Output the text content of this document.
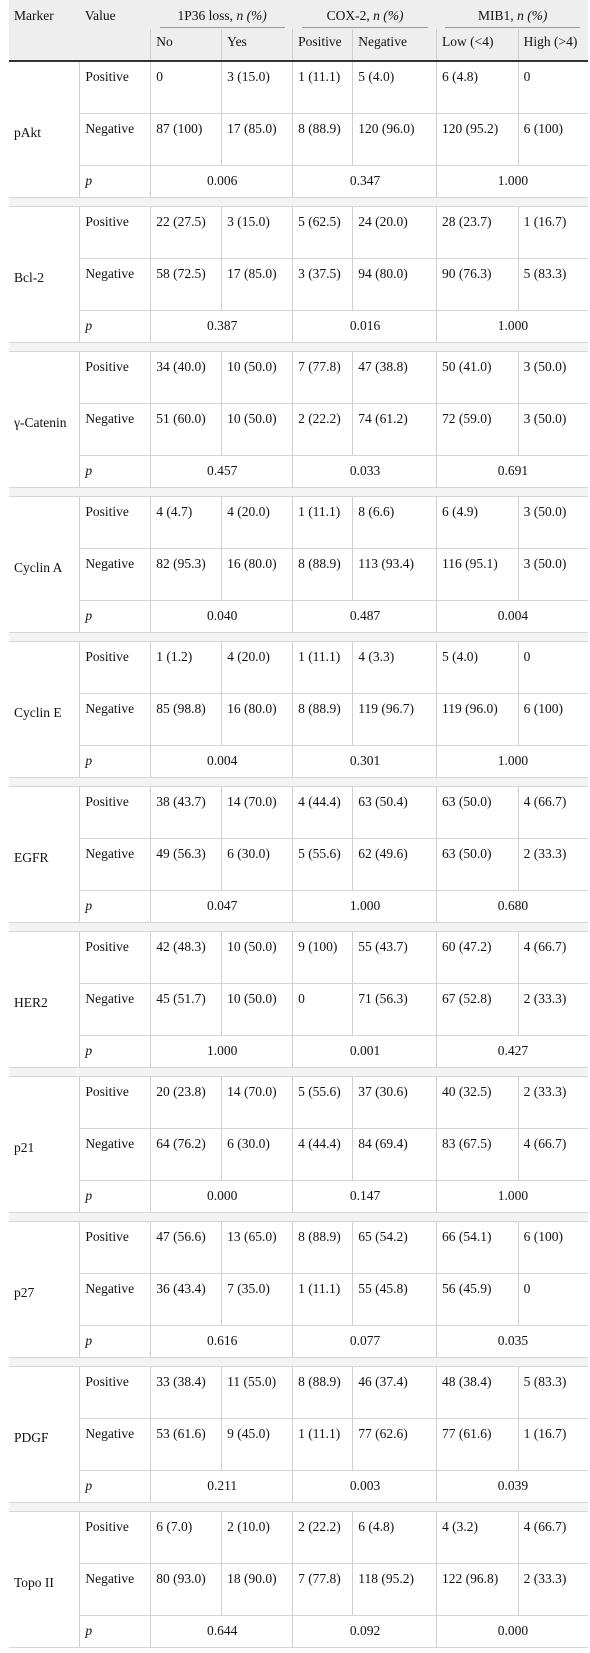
Marker	Value	1P36 loss, n (%)		COX-2, n (%)		MIB1, n (%)	

		No	Yes	Positive	Negative	Low (<4)	High (>4)
pAkt	Positive	0	3 (15.0)	1 (11.1)	5 (4.0)	6 (4.8)	0
	Negative	87 (100)	17 (85.0)	8 (88.9)	120 (96.0)	120 (95.2)	6 (100)
	p	0.006		0.347		1.000	

Bcl-2	Positive	22 (27.5)	3 (15.0)	5 (62.5)	24 (20.0)	28 (23.7)	1 (16.7)
	Negative	58 (72.5)	17 (85.0)	3 (37.5)	94 (80.0)	90 (76.3)	5 (83.3)
	p	0.387		0.016		1.000	

γ-Catenin	Positive	34 (40.0)	10 (50.0)	7 (77.8)	47 (38.8)	50 (41.0)	3 (50.0)
	Negative	51 (60.0)	10 (50.0)	2 (22.2)	74 (61.2)	72 (59.0)	3 (50.0)
	p	0.457		0.033		0.691	

Cyclin A	Positive	4 (4.7)	4 (20.0)	1 (11.1)	8 (6.6)	6 (4.9)	3 (50.0)
	Negative	82 (95.3)	16 (80.0)	8 (88.9)	113 (93.4)	116 (95.1)	3 (50.0)
	p	0.040		0.487		0.004	

Cyclin E	Positive	1 (1.2)	4 (20.0)	1 (11.1)	4 (3.3)	5 (4.0)	0
	Negative	85 (98.8)	16 (80.0)	8 (88.9)	119 (96.7)	119 (96.0)	6 (100)
	p	0.004		0.301		1.000	

EGFR	Positive	38 (43.7)	14 (70.0)	4 (44.4)	63 (50.4)	63 (50.0)	4 (66.7)
	Negative	49 (56.3)	6 (30.0)	5 (55.6)	62 (49.6)	63 (50.0)	2 (33.3)
	p	0.047		1.000		0.680	

HER2	Positive	42 (48.3)	10 (50.0)	9 (100)	55 (43.7)	60 (47.2)	4 (66.7)
	Negative	45 (51.7)	10 (50.0)	0	71 (56.3)	67 (52.8)	2 (33.3)
	p	1.000		0.001		0.427	

p21	Positive	20 (23.8)	14 (70.0)	5 (55.6)	37 (30.6)	40 (32.5)	2 (33.3)
	Negative	64 (76.2)	6 (30.0)	4 (44.4)	84 (69.4)	83 (67.5)	4 (66.7)
	p	0.000		0.147		1.000	

p27	Positive	47 (56.6)	13 (65.0)	8 (88.9)	65 (54.2)	66 (54.1)	6 (100)
	Negative	36 (43.4)	7 (35.0)	1 (11.1)	55 (45.8)	56 (45.9)	0
	p	0.616		0.077		0.035	

PDGF	Positive	33 (38.4)	11 (55.0)	8 (88.9)	46 (37.4)	48 (38.4)	5 (83.3)
	Negative	53 (61.6)	9 (45.0)	1 (11.1)	77 (62.6)	77 (61.6)	1 (16.7)
	p	0.211		0.003		0.039	

Topo II	Positive	6 (7.0)	2 (10.0)	2 (22.2)	6 (4.8)	4 (3.2)	4 (66.7)
	Negative	80 (93.0)	18 (90.0)	7 (77.8)	118 (95.2)	122 (96.8)	2 (33.3)
	p	0.644		0.092		0.000	
